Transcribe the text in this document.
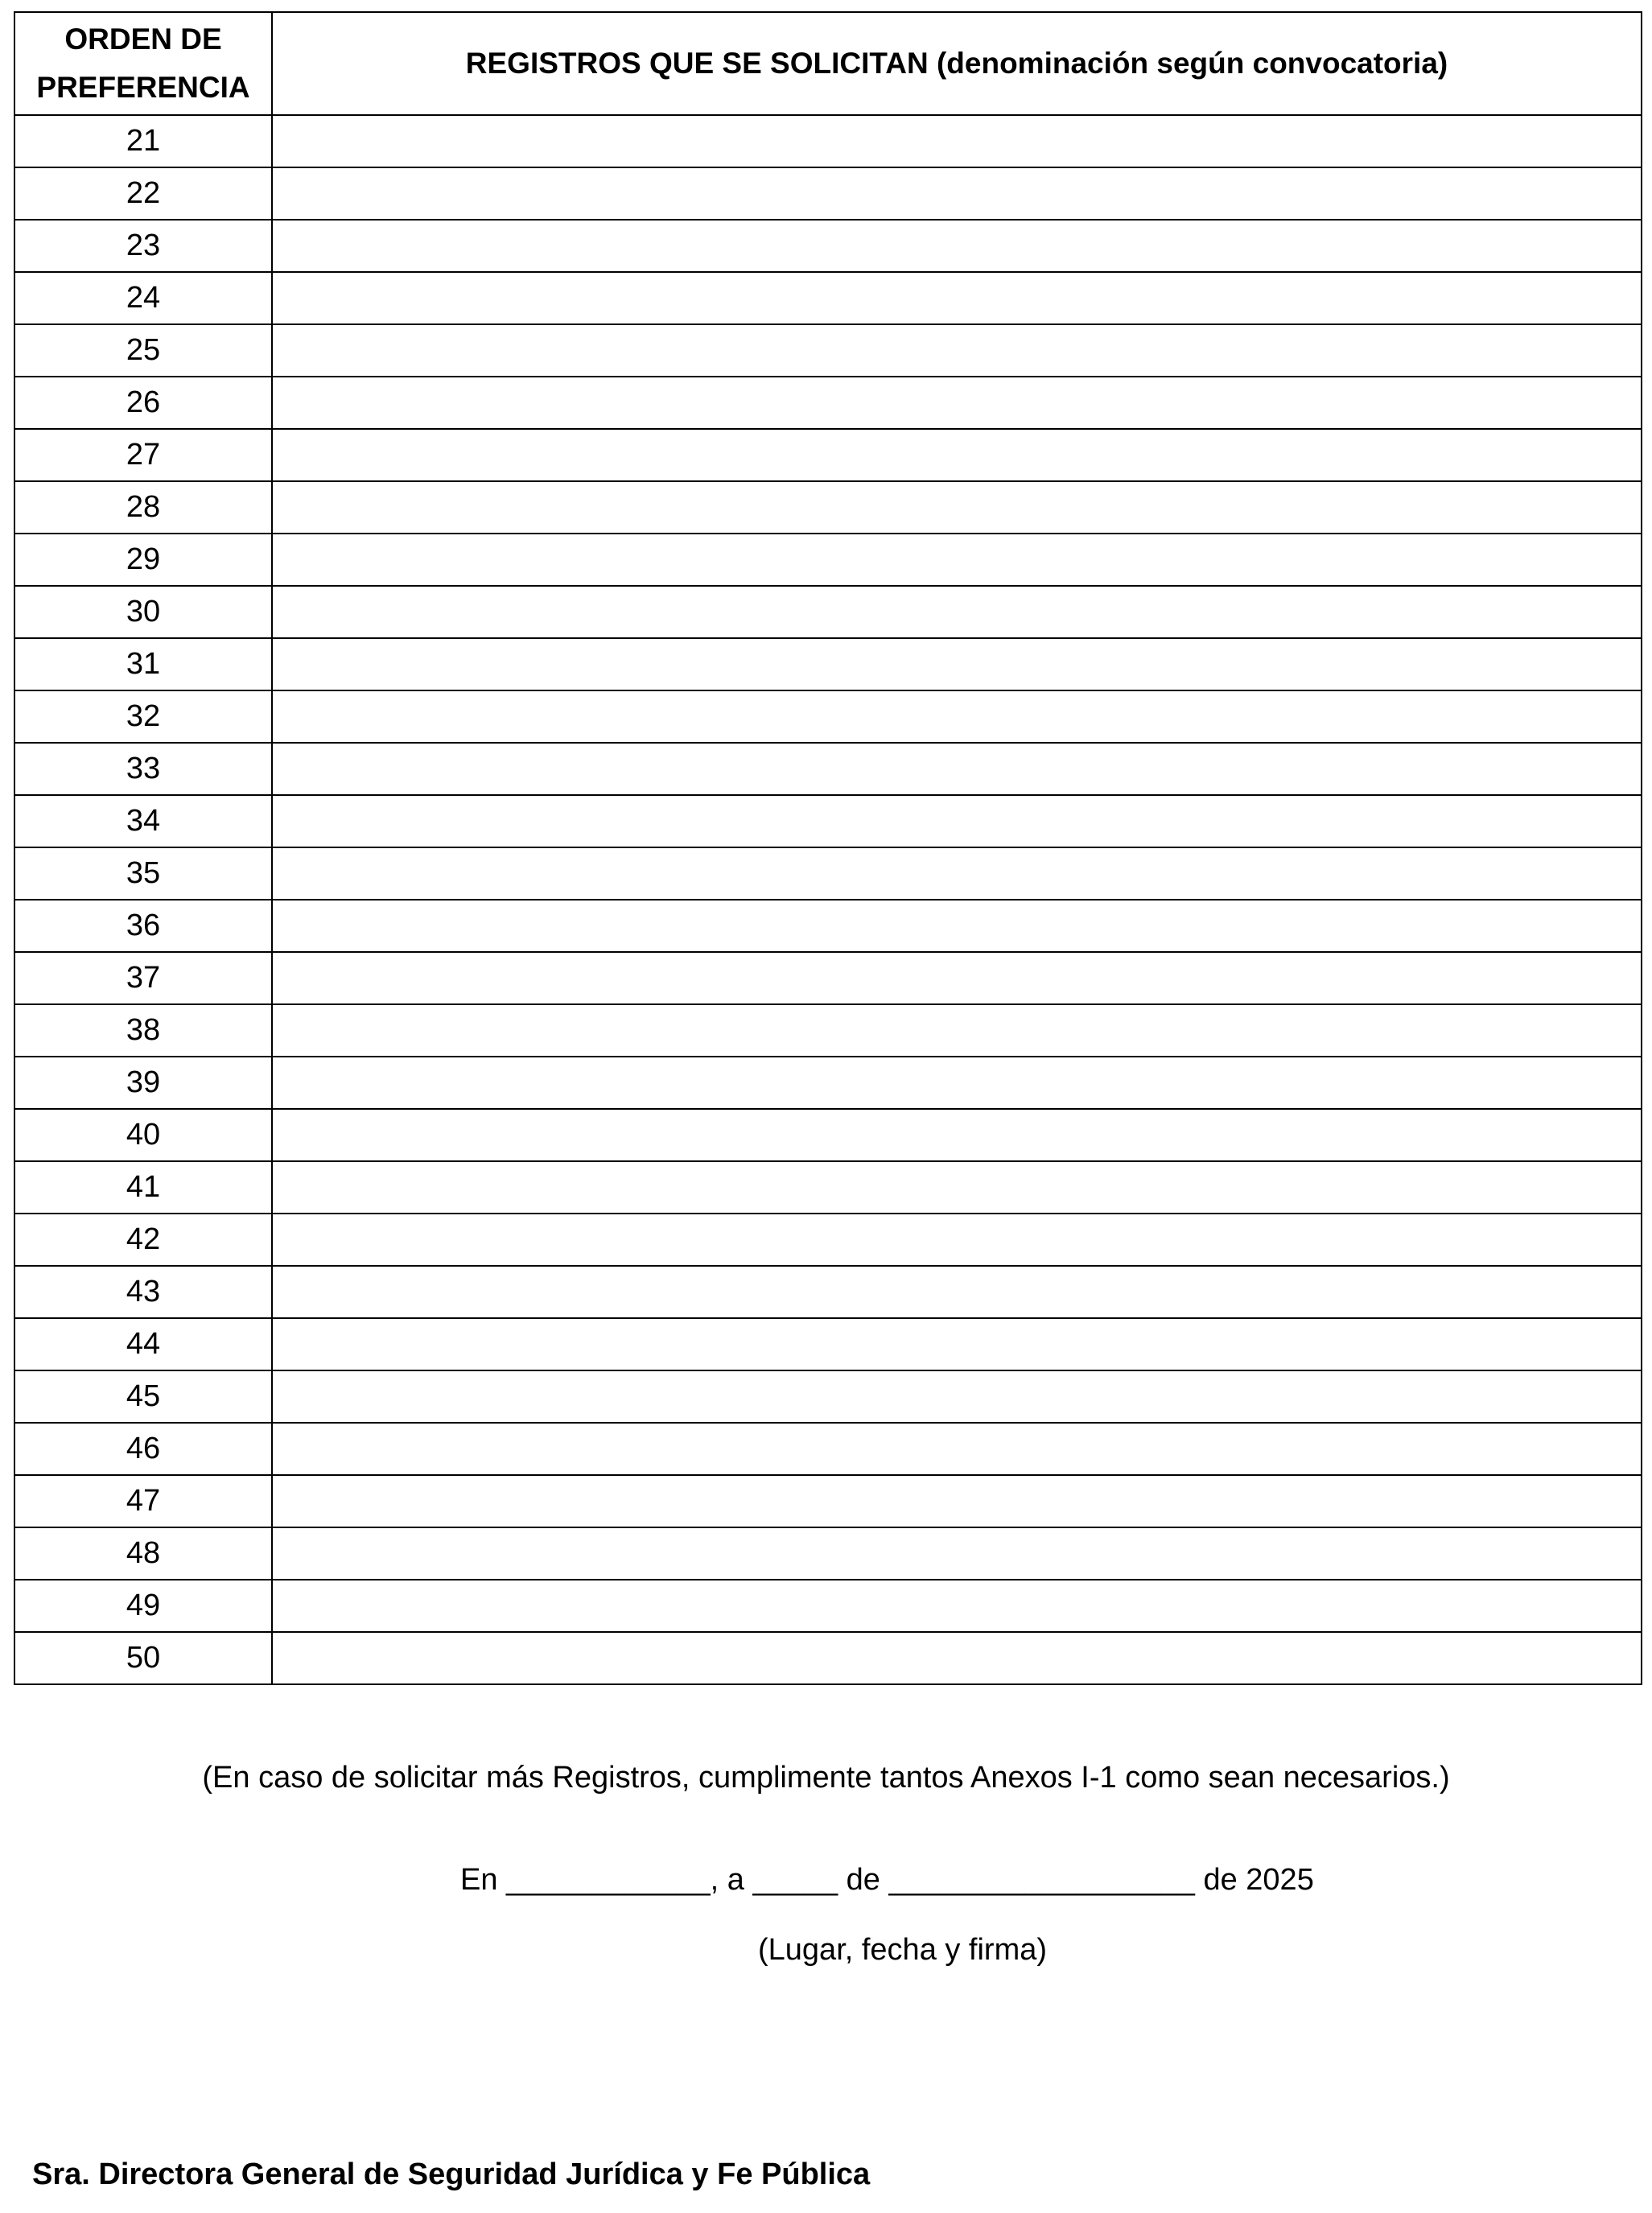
ORDEN DE
PREFERENCIA	REGISTROS QUE SE SOLICITAN (denominación según convocatoria)
21	
22	
23	
24	
25	
26	
27	
28	
29	
30	
31	
32	
33	
34	
35	
36	
37	
38	
39	
40	
41	
42	
43	
44	
45	
46	
47	
48	
49	
50	
(En caso de solicitar más Registros, cumplimente tantos Anexos I-1 como sean necesarios.)
En ____________, a _____ de __________________ de 2025
(Lugar, fecha y firma)
Sra. Directora General de Seguridad Jurídica y Fe Pública
